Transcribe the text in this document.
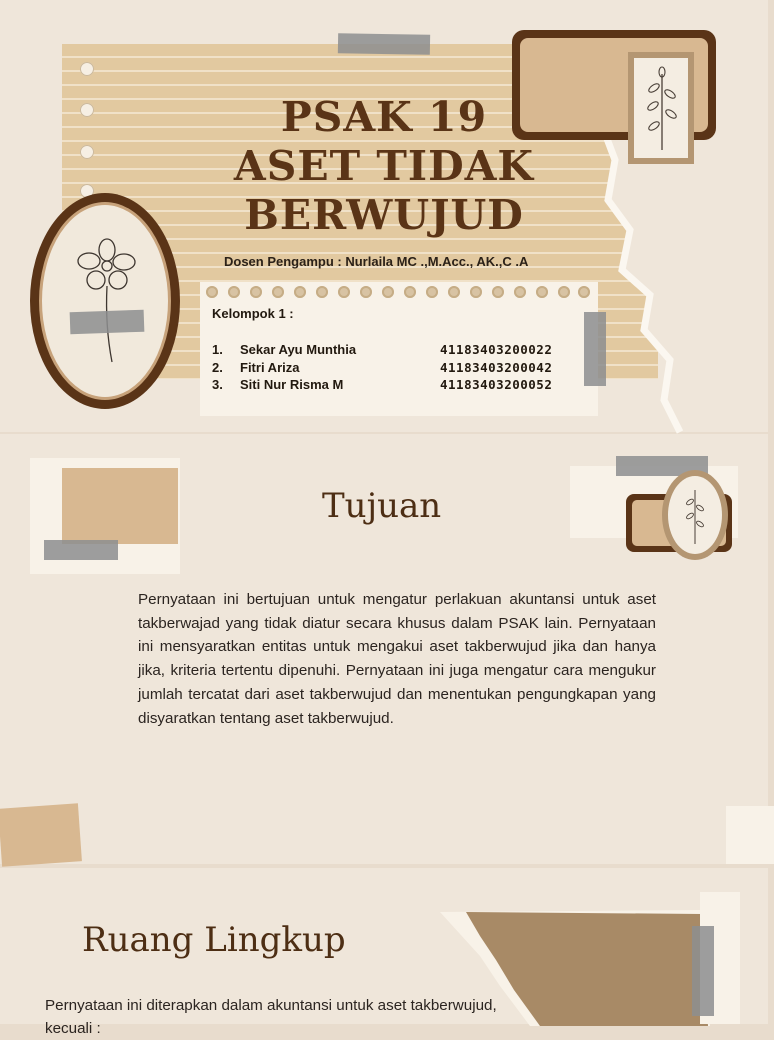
PSAK 19
ASET TIDAK
BERWUJUD
Dosen Pengampu : Nurlaila MC .,M.Acc., AK.,C .A
Kelompok 1 :
1. Sekar Ayu Munthia	41183403200022
2. Fitri Ariza	41183403200042
3. Siti Nur Risma M	41183403200052
Tujuan
Pernyataan ini bertujuan untuk mengatur perlakuan akuntansi untuk aset takberwajad yang tidak diatur secara khusus dalam PSAK lain. Pernyataan ini mensyaratkan entitas untuk mengakui aset takberwujud jika dan hanya jika, kriteria tertentu dipenuhi. Pernyataan ini juga mengatur cara mengukur jumlah tercatat dari aset takberwujud dan menentukan pengungkapan yang disyaratkan tentang aset takberwujud.
Ruang Lingkup
Pernyataan ini diterapkan dalam akuntansi untuk aset takberwujud, kecuali :
